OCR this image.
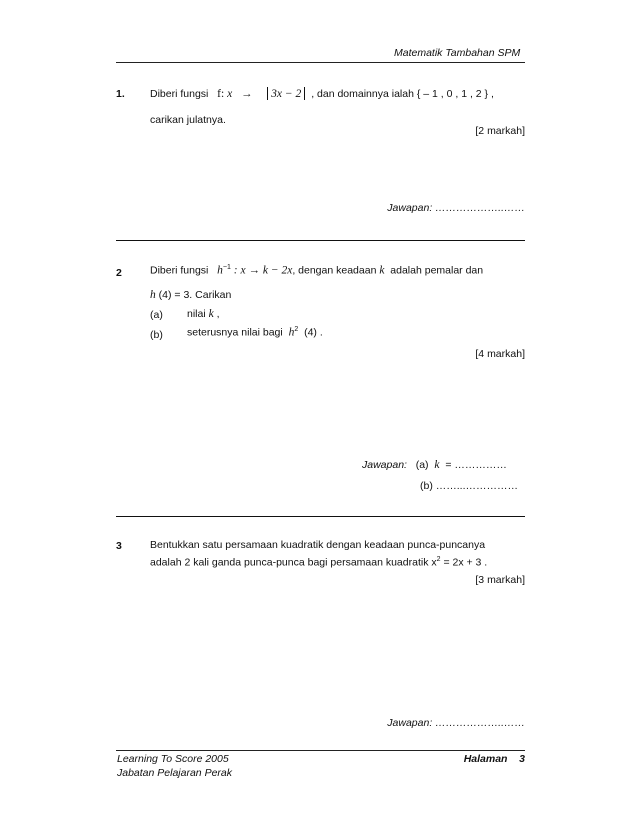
Matematik Tambahan SPM
1. Diberi fungsi f: x → 3x − 2 , dan domainnya ialah { – 1 , 0 , 1 , 2 } ,
carikan julatnya.
[2 markah]
Jawapan: ………………..……
2	Diberi fungsi $h^{-1}$ : x → k − 2x, dengan keadaan k adalah pemalar dan
h (4) = 3. Carikan
(a) nilai k ,
(b) seterusnya nilai bagi $h^2$ (4) .
[4 markah]
Jawapan: (a) k = ……………
(b) ……...……………
3	Bentukkan satu persamaan kuadratik dengan keadaan punca-puncanya
adalah 2 kali ganda punca-punca bagi persamaan kuadratik $x^2 = 2x + 3$ .
[3 markah]
Jawapan: ………………..……
Learning To Score 2005
Jabatan Pelajaran Perak
Halaman 3
